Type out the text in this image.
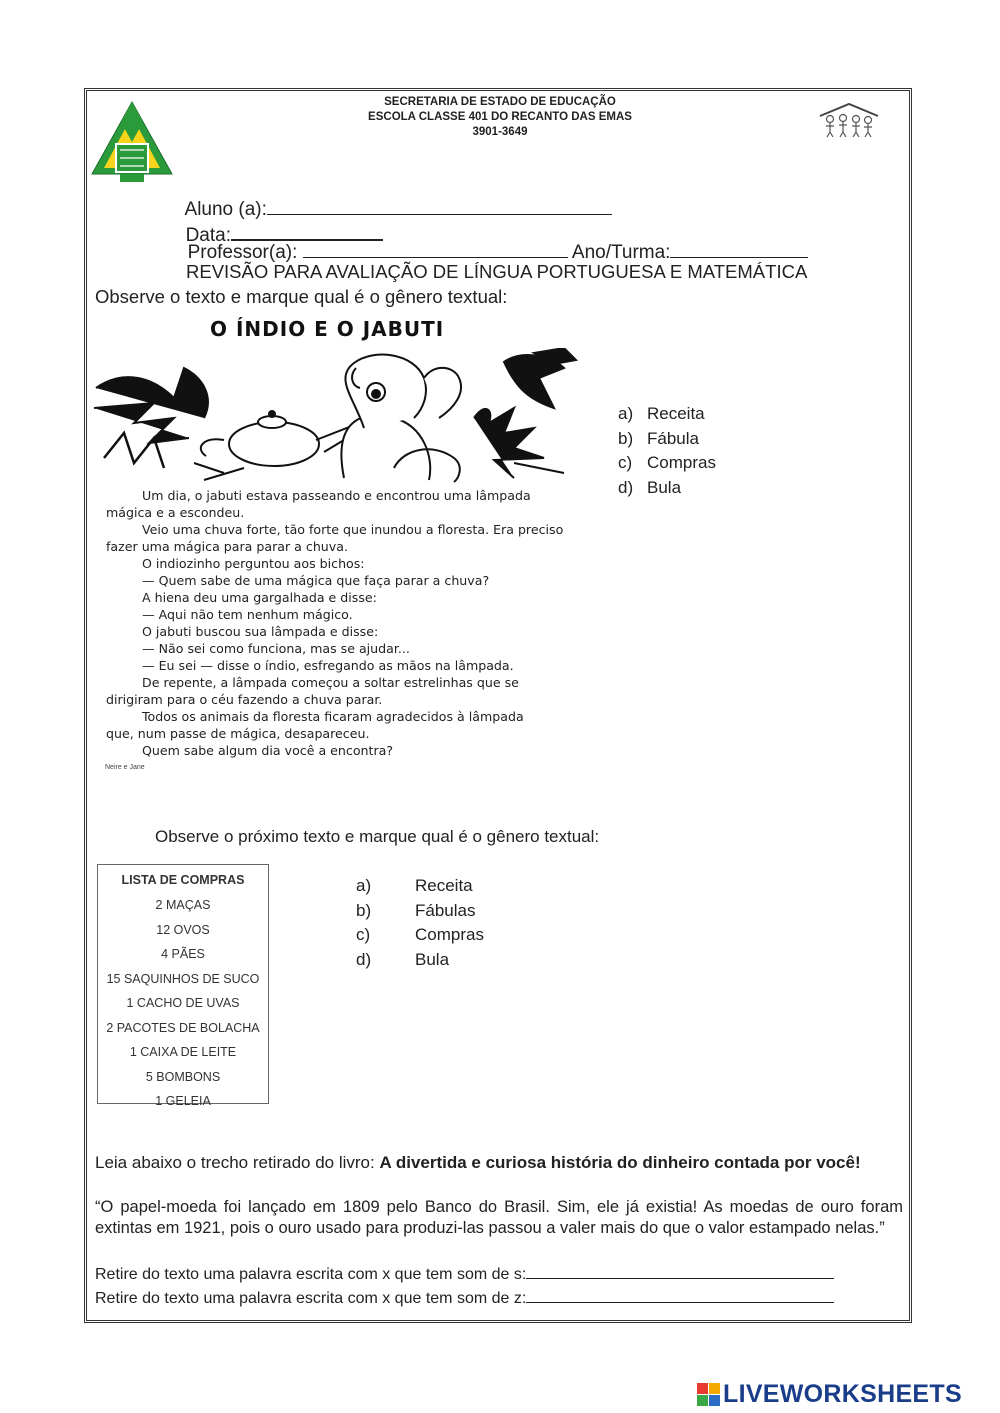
SECRETARIA DE ESTADO DE EDUCAÇÃO
ESCOLA CLASSE 401 DO RECANTO DAS EMAS
3901-3649

Aluno (a):
Data:

Professor(a):	Ano/Turma:

REVISÃO PARA AVALIAÇÃO DE LÍNGUA PORTUGUESA E MATEMÁTICA
Observe o texto e marque qual é o gênero textual:
O ÍNDIO E O JABUTI
Um dia, o jabuti estava passeando e encontrou uma lâmpada
mágica e a escondeu.
Veio uma chuva forte, tão forte que inundou a floresta. Era preciso
fazer uma mágica para parar a chuva.
O indiozinho perguntou aos bichos:
— Quem sabe de uma mágica que faça parar a chuva?
A hiena deu uma gargalhada e disse:
— Aqui não tem nenhum mágico.
O jabuti buscou sua lâmpada e disse:
— Não sei como funciona, mas se ajudar...
— Eu sei — disse o índio, esfregando as mãos na lâmpada.
De repente, a lâmpada começou a soltar estrelinhas que se
dirigiram para o céu fazendo a chuva parar.
Todos os animais da floresta ficaram agradecidos à lâmpada
que, num passe de mágica, desapareceu.
Quem sabe algum dia você a encontra?
Neire e Jane
a) Receita
b) Fábula
c) Compras
d) Bula
Observe o próximo texto e marque qual é o gênero textual:
LISTA DE COMPRAS
2 MAÇAS
12 OVOS
4 PÃES
15 SAQUINHOS DE SUCO
1 CACHO DE UVAS
2 PACOTES DE BOLACHA
1 CAIXA DE LEITE
5 BOMBONS
1 GELEIA
a)	Receita
b)	Fábulas
c)	Compras
d)	Bula
Leia abaixo o trecho retirado do livro: A divertida e curiosa história do dinheiro contada por você!
“O papel-moeda foi lançado em 1809 pelo Banco do Brasil. Sim, ele já existia! As moedas de ouro foram extintas em 1921, pois o ouro usado para produzi-las passou a valer mais do que o valor estampado nelas.”
Retire do texto uma palavra escrita com x que tem som de s:
Retire do texto uma palavra escrita com x que tem som de z:
LIVEWORKSHEETS
